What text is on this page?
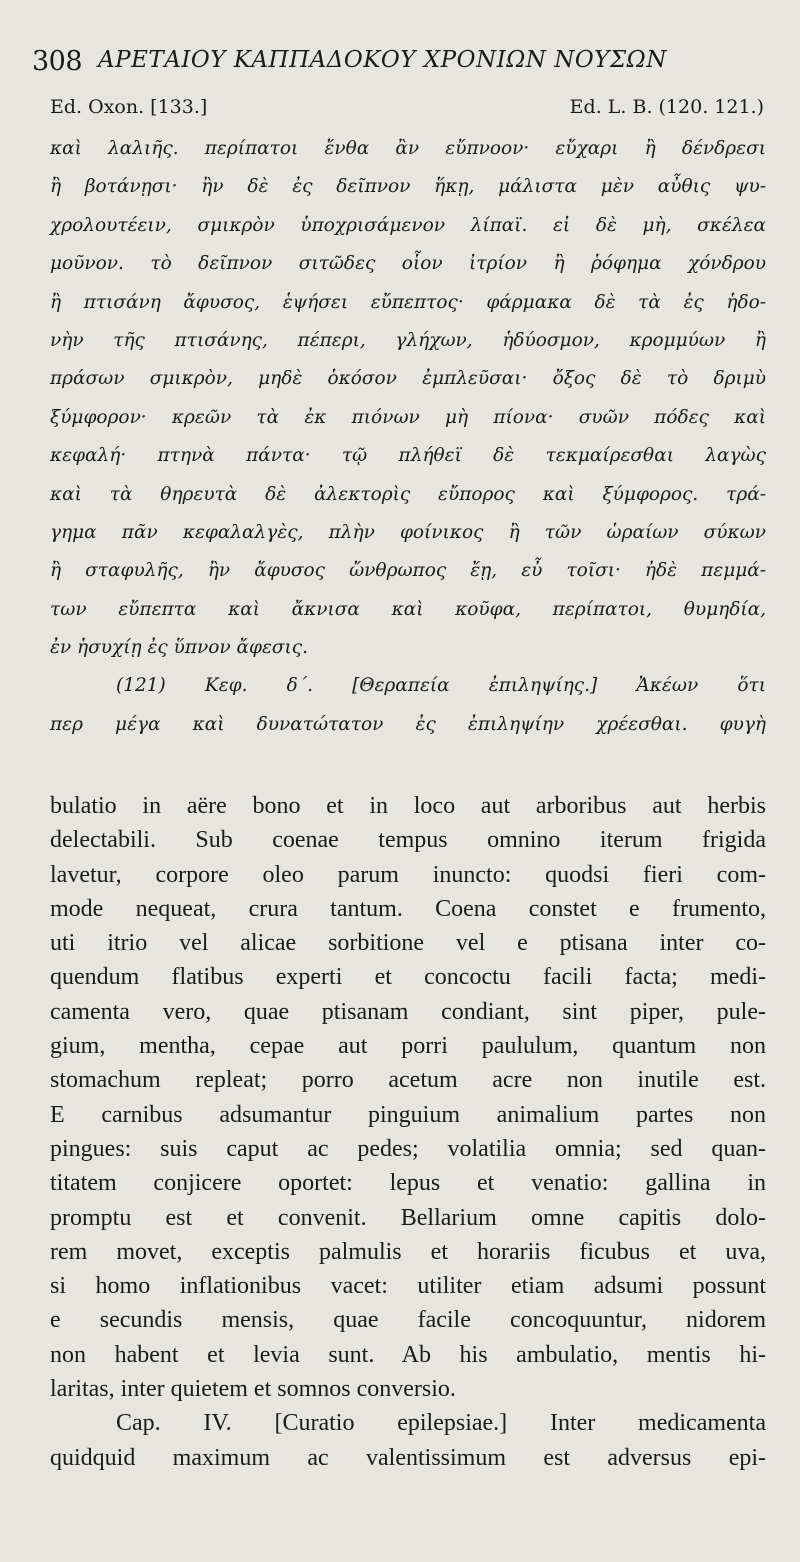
308 ΑΡΕΤΑΙΟΥ ΚΑΠΠΑΔΟΚΟΥ ΧΡΟΝΙΩΝ ΝΟΥΣΩΝ
Ed. Oxon. [133.]	Ed. L. B. (120. 121.)
καὶ λαλιῆς. περίπατοι ἔνθα ἂν εὔπνοον· εὔχαρι ἢ δένδρεσι
ἢ βοτάνῃσι· ἢν δὲ ἐς δεῖπνον ἥκῃ, μάλιστα μὲν αὖθις ψυ-
χρολουτέειν, σμικρὸν ὑποχρισάμενον λίπαϊ. εἰ δὲ μὴ, σκέλεα
μοῦνον. τὸ δεῖπνον σιτῶδες οἷον ἰτρίον ἢ ῥόφημα χόνδρου
ἢ πτισάνη ἄφυσος, ἑψήσει εὔπεπτος· φάρμακα δὲ τὰ ἐς ἡδο-
νὴν τῆς πτισάνης, πέπερι, γλήχων, ἡδύοσμον, κρομμύων ἢ
πράσων σμικρὸν, μηδὲ ὁκόσον ἐμπλεῦσαι· ὄξος δὲ τὸ δριμὺ
ξύμφορον· κρεῶν τὰ ἐκ πιόνων μὴ πίονα· συῶν πόδες καὶ
κεφαλή· πτηνὰ πάντα· τῷ πλήθεϊ δὲ τεκμαίρεσθαι λαγὼς
καὶ τὰ θηρευτὰ δὲ ἀλεκτορὶς εὔπορος καὶ ξύμφορος. τρά-
γημα πᾶν κεφαλαλγὲς, πλὴν φοίνικος ἢ τῶν ὡραίων σύκων
ἢ σταφυλῆς, ἢν ἄφυσος ὤνθρωπος ἔῃ, εὖ τοῖσι· ἠδὲ πεμμά-
των εὔπεπτα καὶ ἄκνισα καὶ κοῦφα, περίπατοι, θυμηδία,
ἐν ἡσυχίῃ ἐς ὕπνον ἄφεσις.
(121) Κεφ. δ΄. [Θεραπεία ἐπιληψίης.] Ἀκέων ὅτι
περ μέγα καὶ δυνατώτατον ἐς ἐπιληψίην χρέεσθαι. φυγὴ
bulatio in aëre bono et in loco aut arboribus aut herbis
delectabili. Sub coenae tempus omnino iterum frigida
lavetur, corpore oleo parum inuncto: quodsi fieri com-
mode nequeat, crura tantum. Coena constet e frumento,
uti itrio vel alicae sorbitione vel e ptisana inter co-
quendum flatibus experti et concoctu facili facta; medi-
camenta vero, quae ptisanam condiant, sint piper, pule-
gium, mentha, cepae aut porri paululum, quantum non
stomachum repleat; porro acetum acre non inutile est.
E carnibus adsumantur pinguium animalium partes non
pingues: suis caput ac pedes; volatilia omnia; sed quan-
titatem conjicere oportet: lepus et venatio: gallina in
promptu est et convenit. Bellarium omne capitis dolo-
rem movet, exceptis palmulis et horariis ficubus et uva,
si homo inflationibus vacet: utiliter etiam adsumi possunt
e secundis mensis, quae facile concoquuntur, nidorem
non habent et levia sunt. Ab his ambulatio, mentis hi-
laritas, inter quietem et somnos conversio.
Cap. IV. [Curatio epilepsiae.] Inter medicamenta
quidquid maximum ac valentissimum est adversus epi-
